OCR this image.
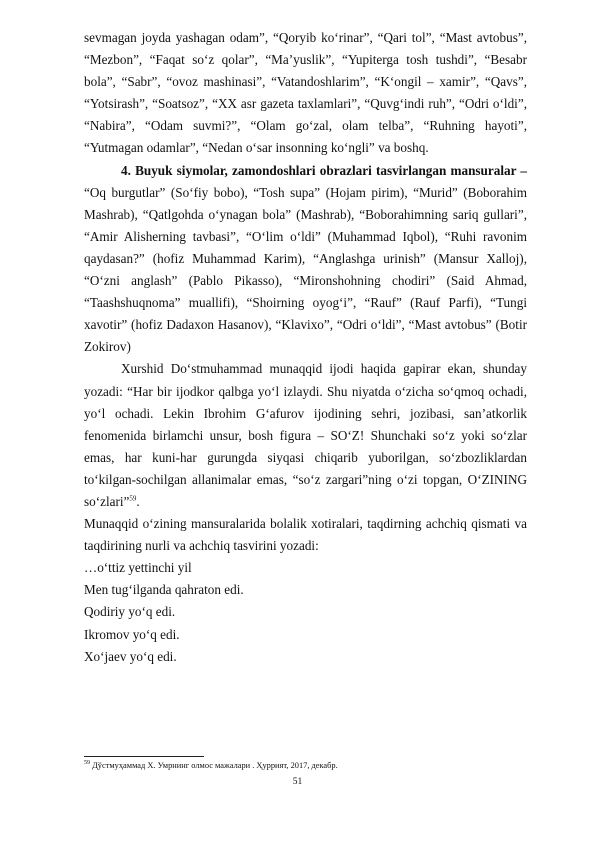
sevmagan joyda yashagan odam”, “Qoryib ko‘rinar”, “Qari tol”, “Mast avtobus”, “Mezbon”, “Faqat so‘z qolar”, “Ma’yuslik”, “Yupiterga tosh tushdi”, “Besabr bola”, “Sabr”, “ovoz mashinasi”, “Vatandoshlarim”, “K‘ongil – xamir”, “Qavs”, “Yotsirash”, “Soatsoz”, “XX asr gazeta taxlamlari”, “Quvg‘indi ruh”, “Odri o‘ldi”, “Nabira”, “Odam suvmi?”, “Olam go‘zal, olam telba”, “Ruhning hayoti”, “Yutmagan odamlar”, “Nedan o‘sar insonning ko‘ngli” va boshq.

4. Buyuk siymolar, zamondoshlari obrazlari tasvirlangan mansuralar – “Oq burgutlar” (So‘fiy bobo), “Tosh supa” (Hojam pirim), “Murid” (Boborahim Mashrab), “Qatlgohda o‘ynagan bola” (Mashrab), “Boborahimning sariq gullari”, “Amir Alisherning tavbasi”, “O‘lim o‘ldi” (Muhammad Iqbol), “Ruhi ravonim qaydasan?” (hofiz Muhammad Karim), “Anglashga urinish” (Mansur Xalloj), “O‘zni anglash” (Pablo Pikasso), “Mironshohning chodiri” (Said Ahmad, “Taashshuqnoma” muallifi), “Shoirning oyog‘i”, “Rauf” (Rauf Parfi), “Tungi xavotir” (hofiz Dadaxon Hasanov), “Klavixo”, “Odri o‘ldi”, “Mast avtobus” (Botir Zokirov)

Xurshid Do‘stmuhammad munaqqid ijodi haqida gapirar ekan, shunday yozadi: “Har bir ijodkor qalbga yo‘l izlaydi. Shu niyatda o‘zicha so‘qmoq ochadi, yo‘l ochadi. Lekin Ibrohim G‘afurov ijodining sehri, jozibasi, san’atkorlik fenomenida birlamchi unsur, bosh figura – SO‘Z! Shunchaki so‘z yoki so‘zlar emas, har kuni-har gurungda siyqasi chiqarib yuborilgan, so‘zbozliklardan to‘kilgan-sochilgan allanimalar emas, “so‘z zargari”ning o‘zi topgan, O‘ZINING so‘zlari”$^{59}$.

Munaqqid o‘zining mansuralarida bolalik xotiralari, taqdirning achchiq qismati va taqdirining nurli va achchiq tasvirini yozadi:

…o‘ttiz yettinchi yil

Men tug‘ilganda qahraton edi.

Qodiriy yo‘q edi.

Ikromov yo‘q edi.

Xo‘jaev yo‘q edi.

$^{59}$ Дўстмуҳаммад Х. Умрнинг олмос мажалари . Ҳуррият, 2017, декабр.
51
